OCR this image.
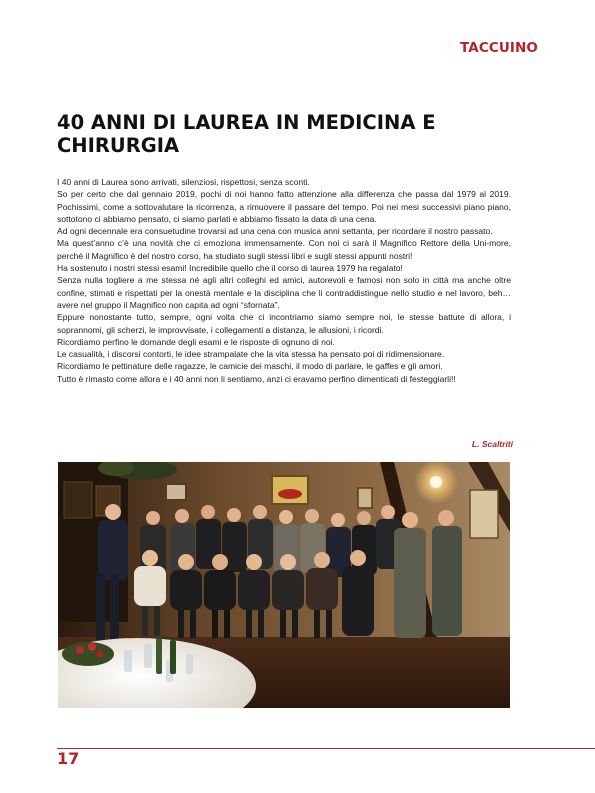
TACCUINO
40 ANNI DI LAUREA IN MEDICINA E CHIRURGIA

I 40 anni di Laurea sono arrivati, silenziosi, rispettosi, senza sconti.

So per certo che dal gennaio 2019, pochi di noi hanno fatto attenzione alla differenza che passa dal 1979 al 2019. Pochissimi, come a sottovalutare la ricorrenza, a rimuovere il passare del tempo. Poi nei mesi successivi piano piano, sottotono ci abbiamo pensato, ci siamo parlati e abbiamo fissato la data di una cena.

Ad ogni decennale era consuetudine trovarsi ad una cena con musica anni settanta, per ricordare il nostro passato.

Ma quest’anno c’è una novità che ci emoziona immensamente. Con noi ci sarà il Magnifico Rettore della Uni-more, perché il Magnifico è del nostro corso, ha studiato sugli stessi libri e sugli stessi appunti nostri!

Ha sostenuto i nostri stessi esami! Incredibile quello che il corso di laurea 1979 ha regalato!

Senza nulla togliere a me stessa né agli altri colleghi ed amici, autorevoli e famosi non solo in città ma anche oltre confine, stimati e rispettati per la onestà mentale e la disciplina che li contraddistingue nello studio e nel lavoro, beh…avere nel gruppo il Magnifico non capita ad ogni “sfornata”.

Eppure nonostante tutto, sempre, ogni volta che ci incontriamo siamo sempre noi, le stesse battute di allora, i soprannomi, gli scherzi, le improvvisate, i collegamenti a distanza, le allusioni, i ricordi.

Ricordiamo perfino le domande degli esami e le risposte di ognuno di noi.

Le casualità, i discorsi contorti, le idee strampalate che la vita stessa ha pensato poi di ridimensionare.

Ricordiamo le pettinature delle ragazze, le camicie dei maschi, il modo di parlare, le gaffes e gli amori.

Tutto è rimasto come allora e i 40 anni non li sentiamo, anzi ci eravamo perfino dimenticati di festeggiarli!!

L. Scaltriti
17
